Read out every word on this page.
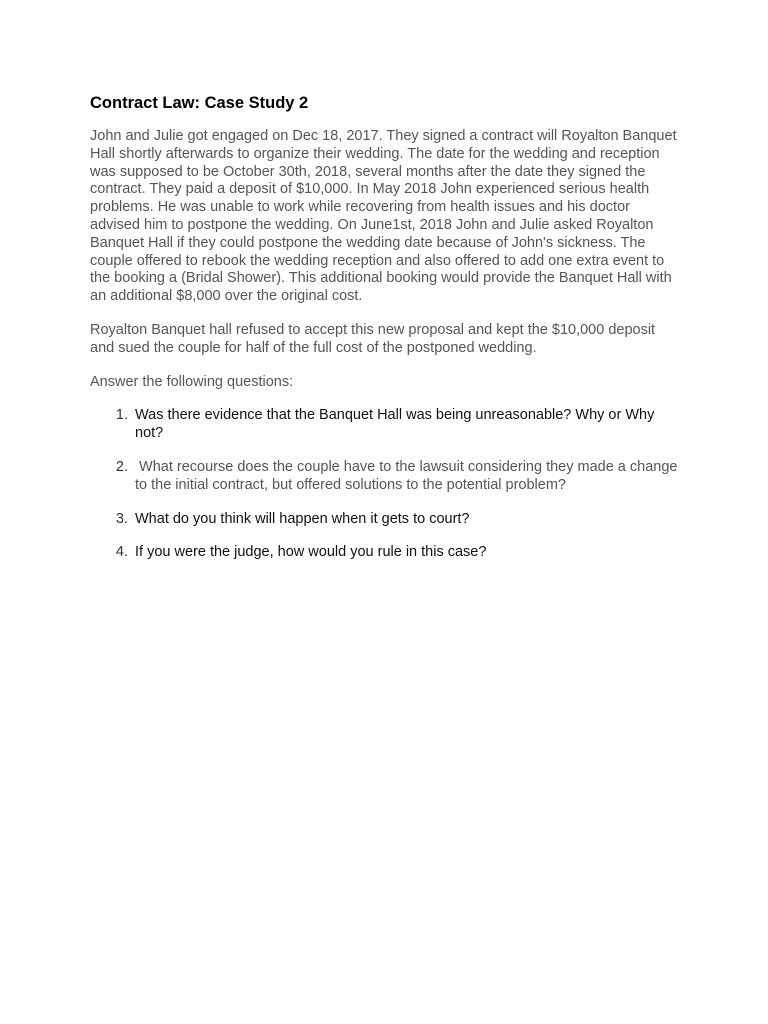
Contract Law: Case Study 2

John and Julie got engaged on Dec 18, 2017. They signed a contract will Royalton Banquet Hall shortly afterwards to organize their wedding. The date for the wedding and reception was supposed to be October 30th, 2018, several months after the date they signed the contract. They paid a deposit of $10,000. In May 2018 John experienced serious health problems. He was unable to work while recovering from health issues and his doctor advised him to postpone the wedding. On June1st, 2018 John and Julie asked Royalton Banquet Hall if they could postpone the wedding date because of John's sickness. The couple offered to rebook the wedding reception and also offered to add one extra event to the booking a (Bridal Shower). This additional booking would provide the Banquet Hall with an additional $8,000 over the original cost.

Royalton Banquet hall refused to accept this new proposal and kept the $10,000 deposit and sued the couple for half of the full cost of the postponed wedding.

Answer the following questions:

1. Was there evidence that the Banquet Hall was being unreasonable? Why or Why not?
2. What recourse does the couple have to the lawsuit considering they made a change to the initial contract, but offered solutions to the potential problem?
3. What do you think will happen when it gets to court?
4. If you were the judge, how would you rule in this case?
